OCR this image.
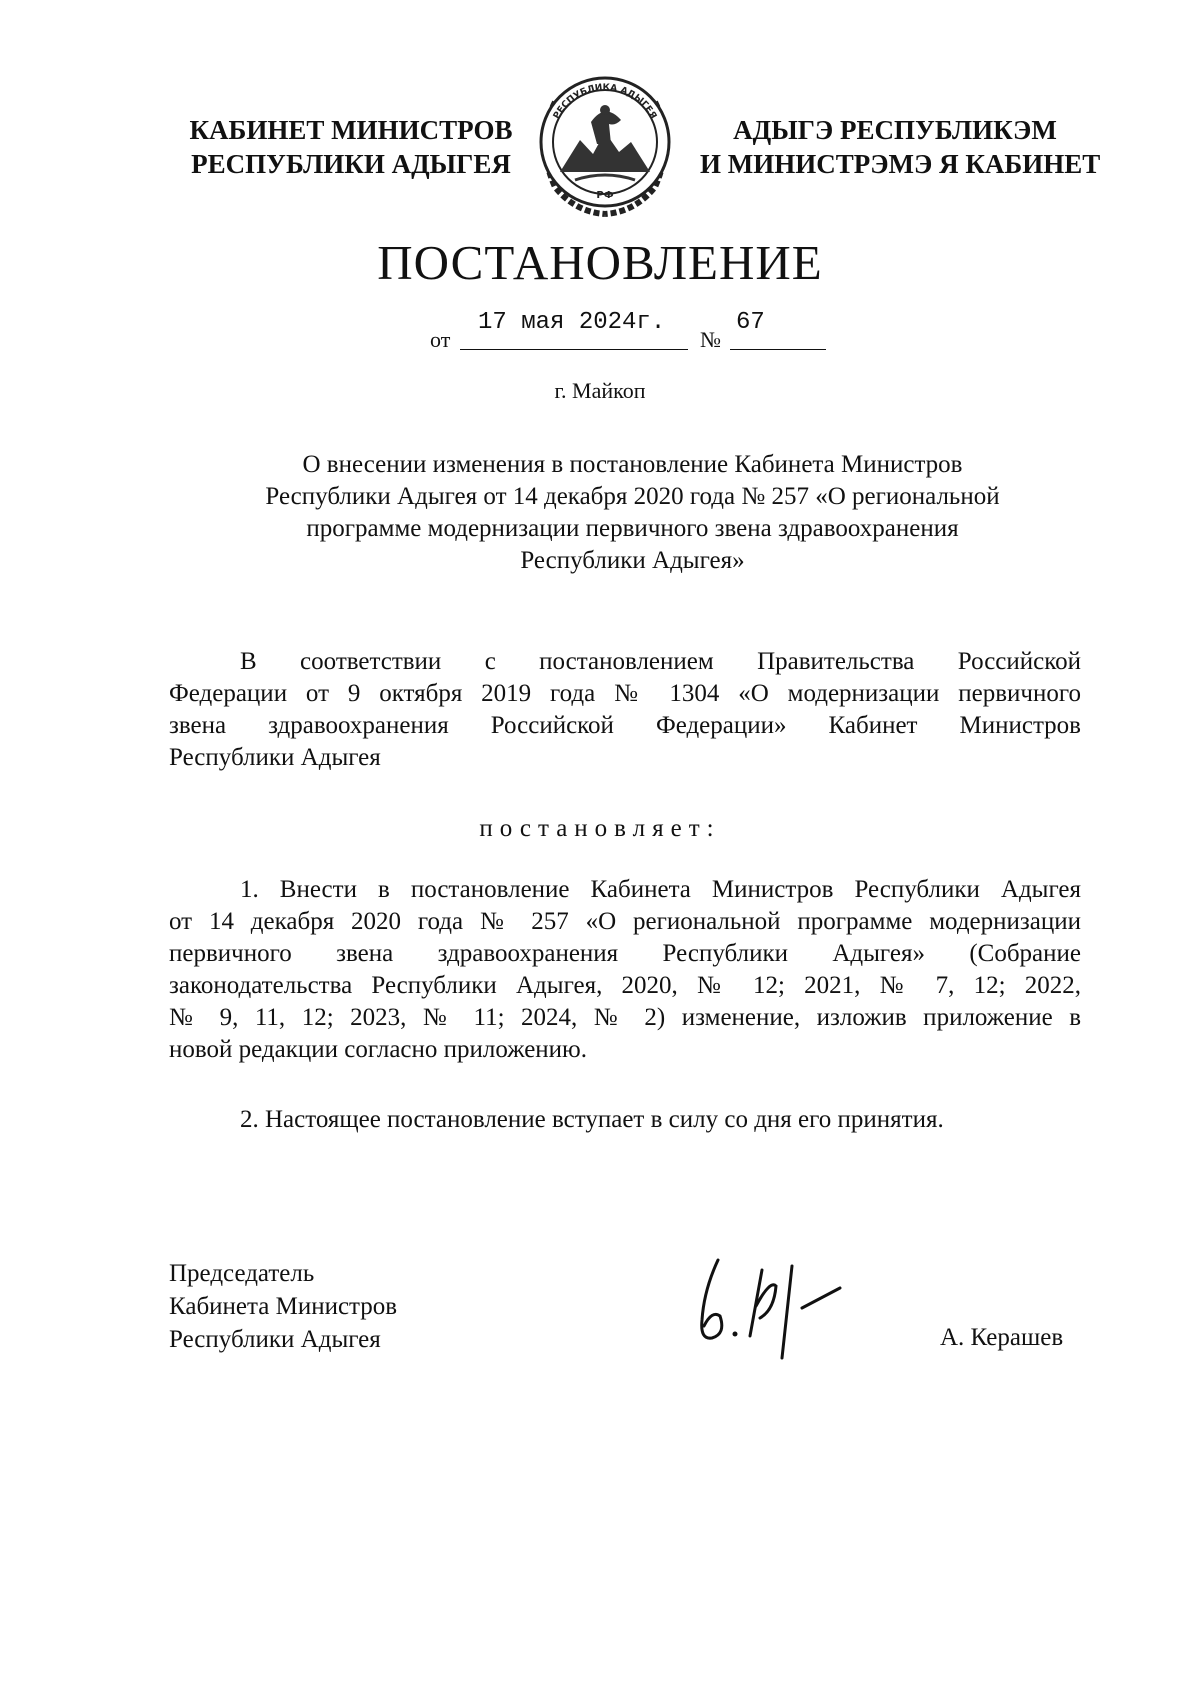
КАБИНЕТ МИНИСТРОВ
РЕСПУБЛИКИ АДЫГЕЯ
РЕСПУБЛИКА АДЫГЕЯ
РФ
АДЫГЭ РЕСПУБЛИКЭМ
И МИНИСТРЭМЭ Я КАБИНЕТ
ПОСТАНОВЛЕНИЕ
от
17 мая 2024г.
№
67
г. Майкоп
О внесении изменения в постановление Кабинета Министров
Республики Адыгея от 14 декабря 2020 года № 257 «О региональной
программе модернизации первичного звена здравоохранения
Республики Адыгея»
В соответствии с постановлением Правительства Российской
Федерации от 9 октября 2019 года № 1304 «О модернизации первичного
звена здравоохранения Российской Федерации» Кабинет Министров
Республики Адыгея
постановляет:
1. Внести в постановление Кабинета Министров Республики Адыгея
от 14 декабря 2020 года № 257 «О региональной программе модернизации
первичного звена здравоохранения Республики Адыгея» (Собрание
законодательства Республики Адыгея, 2020, № 12; 2021, № 7, 12; 2022,
№ 9, 11, 12; 2023, № 11; 2024, № 2) изменение, изложив приложение в
новой редакции согласно приложению.
2. Настоящее постановление вступает в силу со дня его принятия.
Председатель
Кабинета Министров
Республики Адыгея	А. Керашев
